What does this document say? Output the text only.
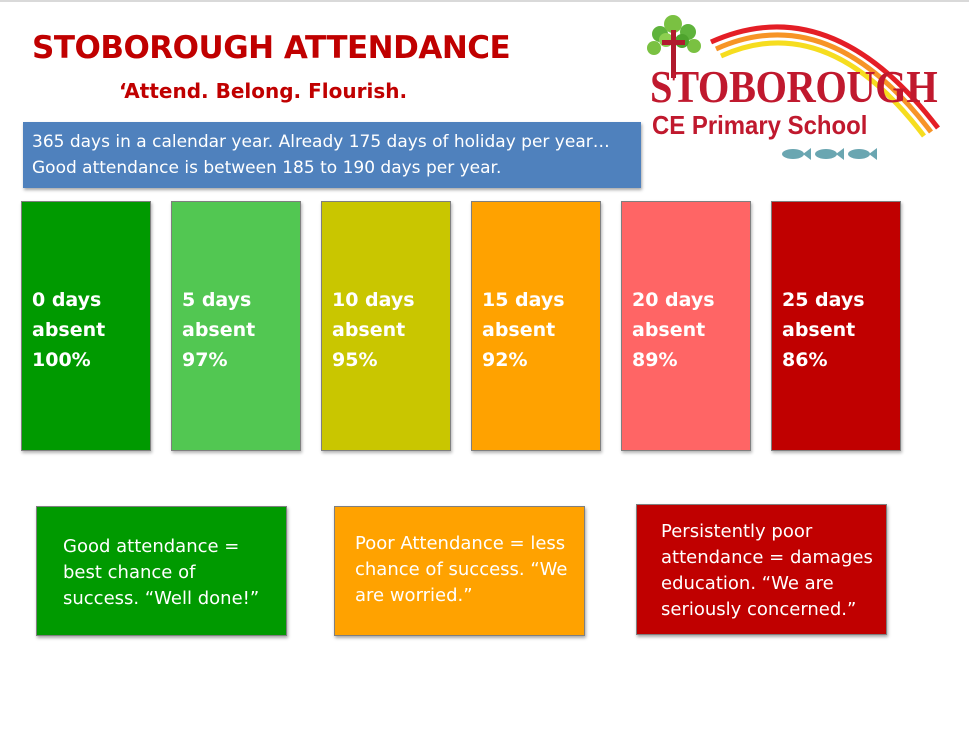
STOBOROUGH ATTENDANCE
‘Attend. Belong. Flourish.
365 days in a calendar year. Already 175 days of holiday per year…
Good attendance is between 185 to 190 days per year.
STOBOROUGH
CE Primary School
0 days
absent
100%
5 days
absent
97%
10 days
absent
95%
15 days
absent
92%
20 days
absent
89%
25 days
absent
86%
Good attendance =
best chance of
success. “Well done!”
Poor Attendance = less
chance of success. “We
are worried.”
Persistently poor
attendance = damages
education. “We are
seriously concerned.”
